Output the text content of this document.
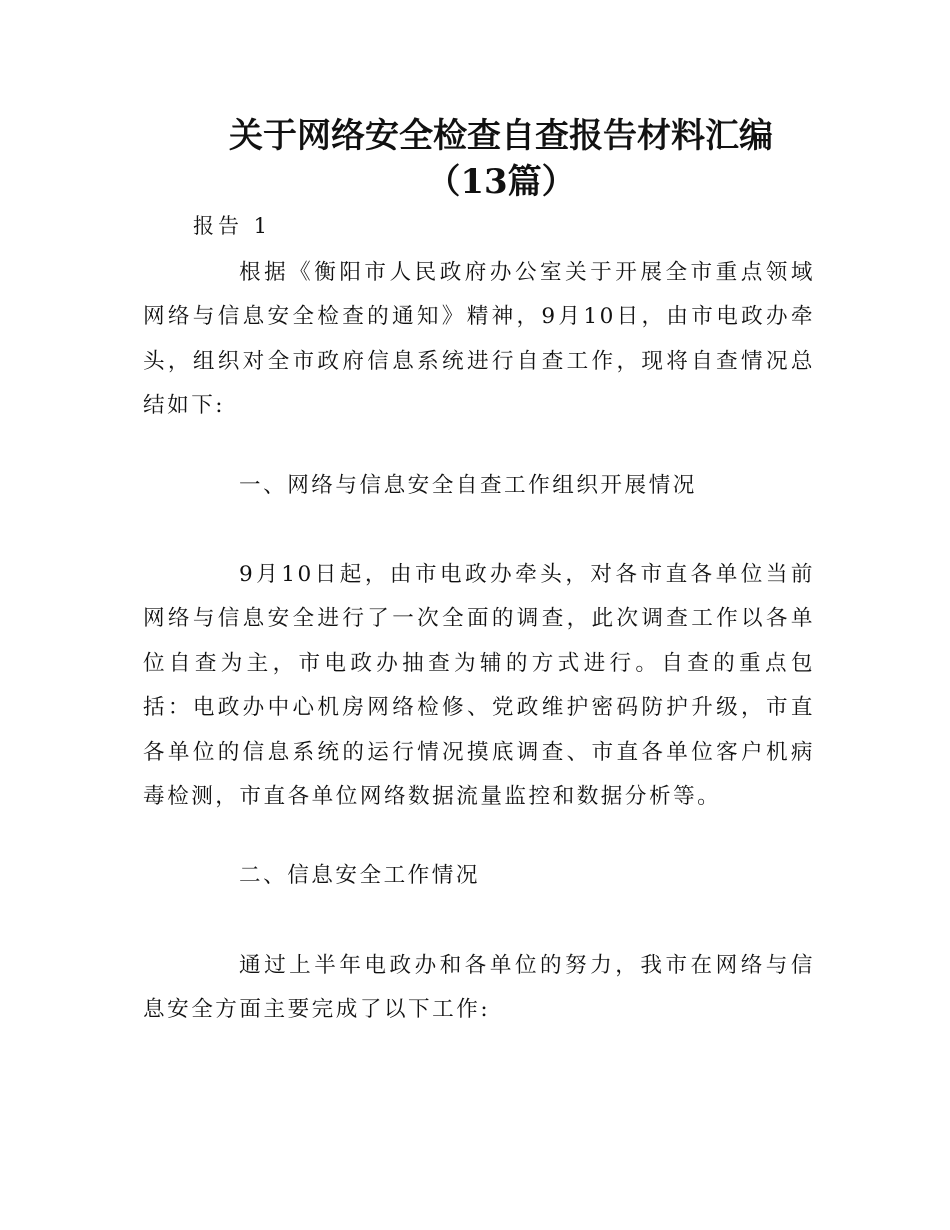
关于网络安全检查自查报告材料汇编
（13篇）

报告 1

根据《衡阳市人民政府办公室关于开展全市重点领域网络与信息安全检查的通知》精神，9月10日，由市电政办牵头，组织对全市政府信息系统进行自查工作，现将自查情况总结如下:

一、网络与信息安全自查工作组织开展情况

9月10日起，由市电政办牵头，对各市直各单位当前网络与信息安全进行了一次全面的调查，此次调查工作以各单位自查为主，市电政办抽查为辅的方式进行。自查的重点包括：电政办中心机房网络检修、党政维护密码防护升级，市直各单位的信息系统的运行情况摸底调查、市直各单位客户机病毒检测，市直各单位网络数据流量监控和数据分析等。

二、信息安全工作情况

通过上半年电政办和各单位的努力，我市在网络与信息安全方面主要完成了以下工作:
